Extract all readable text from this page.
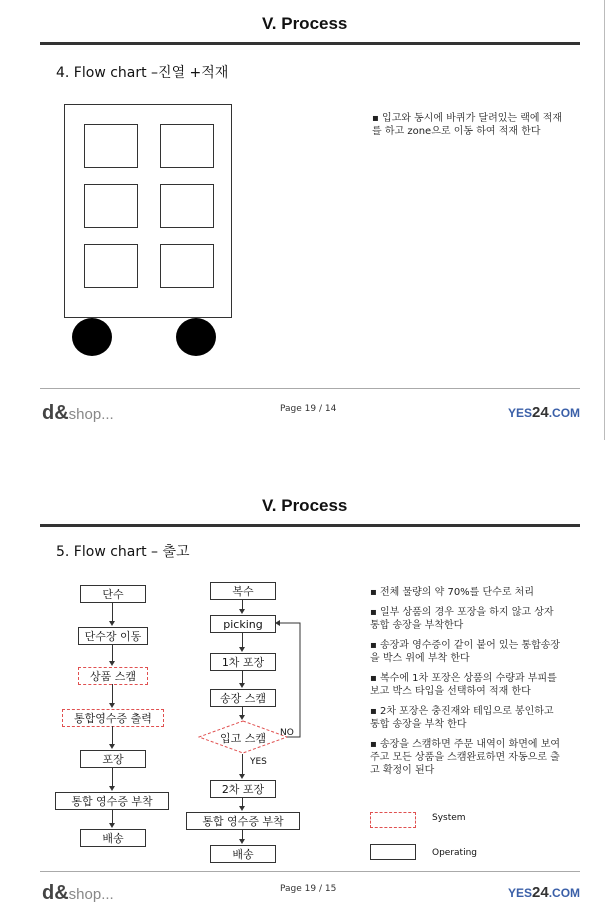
V. Process
4. Flow chart –진열 +적재
▪ 입고와 동시에 바퀴가 달려있는 랙에 적재를 하고 zone으로 이동 하여 적재 한다
d&shop...	Page 19 / 14	YES24.COM
V. Process
5. Flow chart – 출고
단수
단수장 이동
상품 스캠
통합영수증 출력
포장
통합 영수증 부착
배송
복수
picking
1차 포장
송장 스캠
입고 스캠
2차 포장
통합 영수증 부착
배송
NO
YES
▪ 전체 물량의 약 70%를 단수로 처리
▪ 일부 상품의 경우 포장을 하지 않고 상자 통합 송장을 부착한다
▪ 송장과 영수증이 같이 붙어 있는 통합송장을 박스 위에 부착 한다
▪ 복수에 1차 포장은 상품의 수량과 부피를 보고 박스 타입을 선택하여 적재 한다
▪ 2차 포장은 충진재와 테입으로 봉인하고 통합 송장을 부착 한다
▪ 송장을 스캠하면 주문 내역이 화면에 보여주고 모든 상품을 스캠완료하면 자동으로 출고 확정이 된다
System
Operating
d&shop...	Page 19 / 15	YES24.COM
